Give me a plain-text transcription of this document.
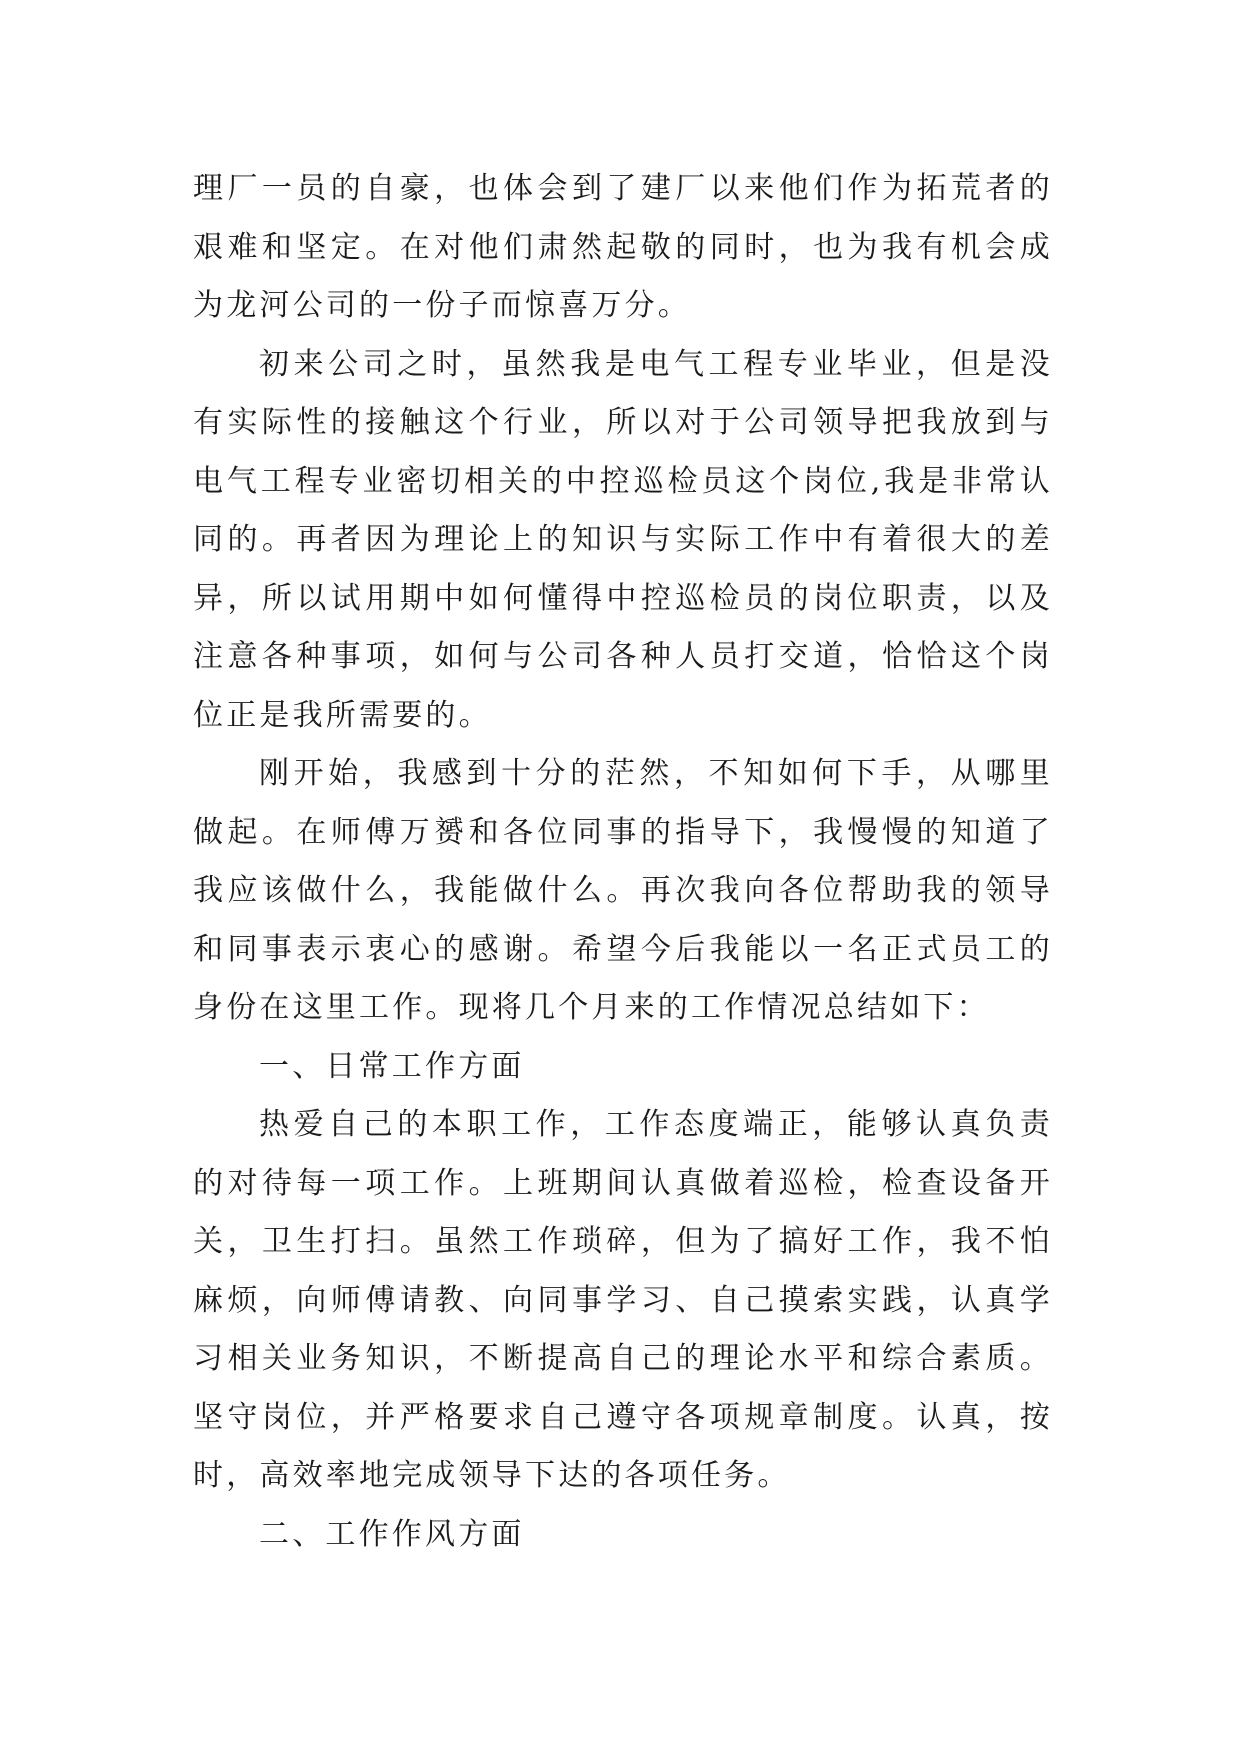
理厂一员的自豪，也体会到了建厂以来他们作为拓荒者的艰难和坚定。在对他们肃然起敬的同时，也为我有机会成为龙河公司的一份子而惊喜万分。

初来公司之时，虽然我是电气工程专业毕业，但是没有实际性的接触这个行业，所以对于公司领导把我放到与电气工程专业密切相关的中控巡检员这个岗位,我是非常认同的。再者因为理论上的知识与实际工作中有着很大的差异，所以试用期中如何懂得中控巡检员的岗位职责，以及注意各种事项，如何与公司各种人员打交道，恰恰这个岗位正是我所需要的。

刚开始，我感到十分的茫然，不知如何下手，从哪里做起。在师傅万赟和各位同事的指导下，我慢慢的知道了我应该做什么，我能做什么。再次我向各位帮助我的领导和同事表示衷心的感谢。希望今后我能以一名正式员工的身份在这里工作。现将几个月来的工作情况总结如下：

一、日常工作方面

热爱自己的本职工作，工作态度端正，能够认真负责的对待每一项工作。上班期间认真做着巡检，检查设备开关，卫生打扫。虽然工作琐碎，但为了搞好工作，我不怕麻烦，向师傅请教、向同事学习、自己摸索实践，认真学习相关业务知识，不断提高自己的理论水平和综合素质。坚守岗位，并严格要求自己遵守各项规章制度。认真，按时，高效率地完成领导下达的各项任务。

二、工作作风方面
